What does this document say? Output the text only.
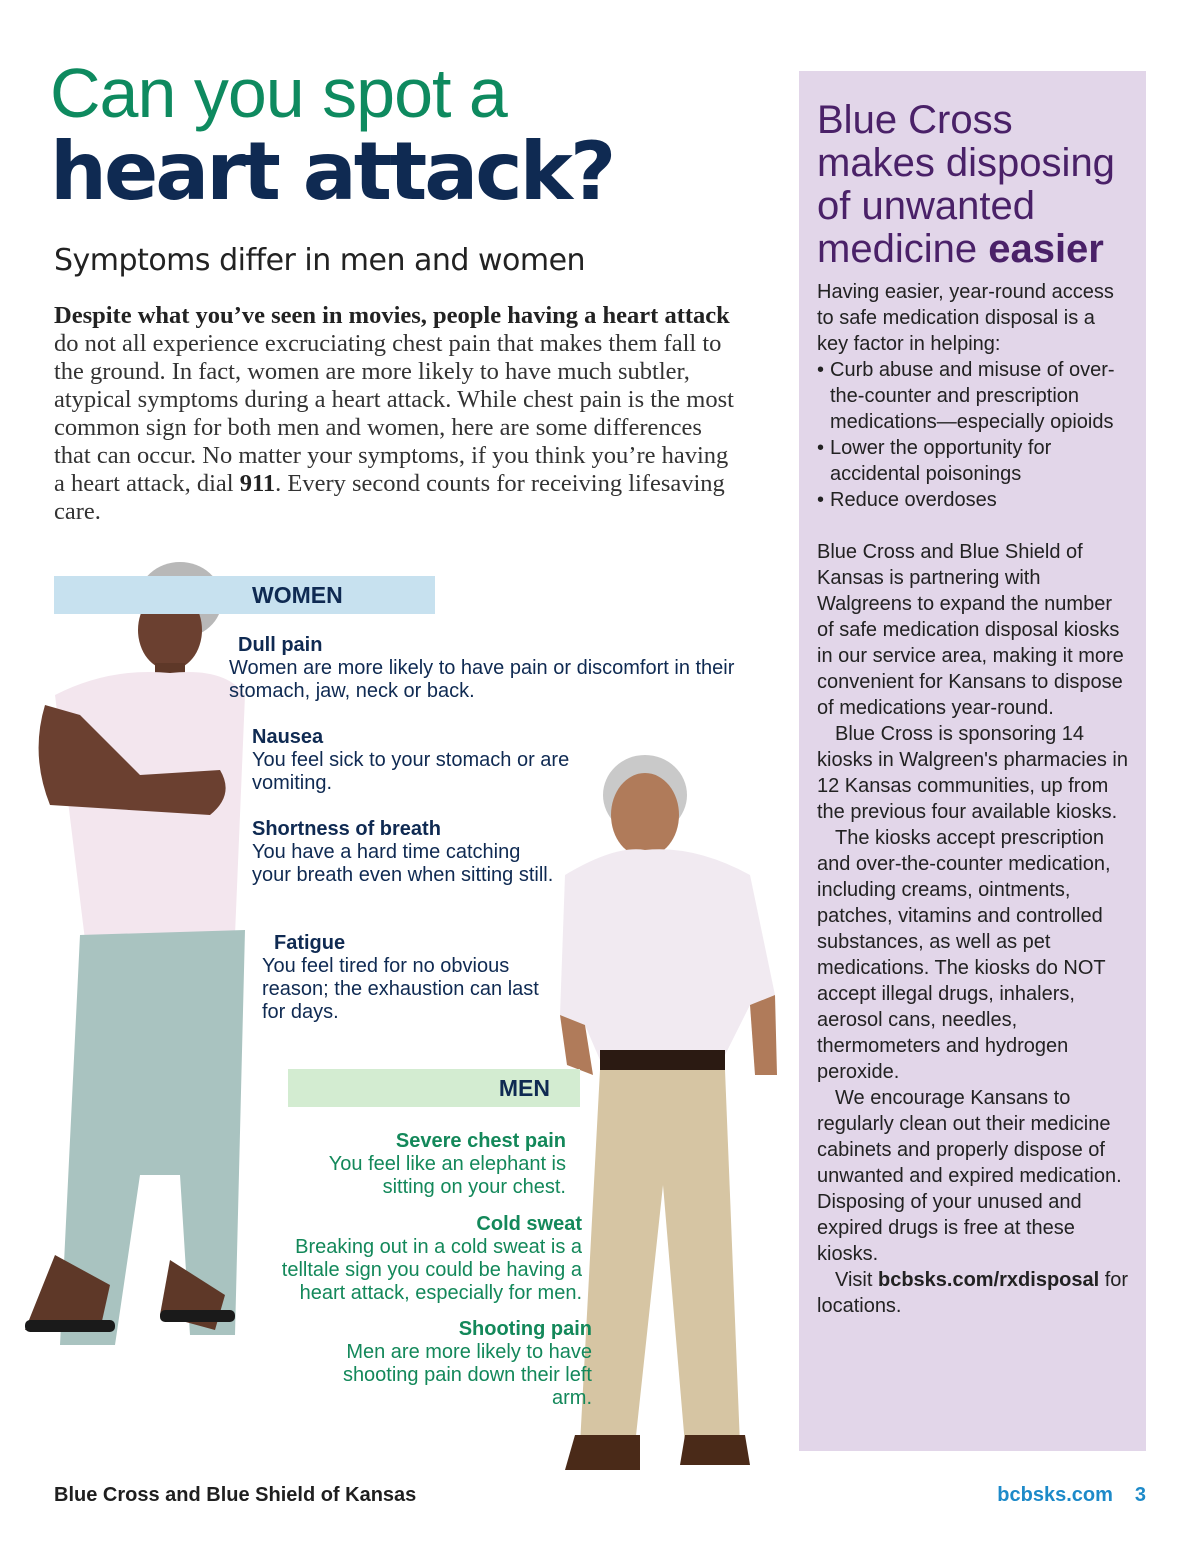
Can you spot a
heart attack?
Symptoms differ in men and women
Despite what you’ve seen in movies, people having a heart attack do not all experience excruciating chest pain that makes them fall to the ground. In fact, women are more likely to have much subtler, atypical symptoms during a heart attack. While chest pain is the most common sign for both men and women, here are some differences that can occur. No matter your symptoms, if you think you’re having a heart attack, dial 911. Every second counts for receiving lifesaving care.
WOMEN
Dull pain
Women are more likely to have pain or discomfort in their stomach, jaw, neck or back.
Nausea
You feel sick to your stomach or are vomiting.
Shortness of breath
You have a hard time catching your breath even when sitting still.
Fatigue
You feel tired for no obvious reason; the exhaustion can last for days.
MEN
Severe chest pain
You feel like an elephant is sitting on your chest.
Cold sweat
Breaking out in a cold sweat is a telltale sign you could be having a heart attack, especially for men.
Shooting pain
Men are more likely to have shooting pain down their left arm.
Blue Cross makes disposing of unwanted medicine easier

Having easier, year-round access to safe medication disposal is a key factor in helping:

• Curb abuse and misuse of over-the-counter and prescription medications—especially opioids
• Lower the opportunity for accidental poisonings
• Reduce overdoses

Blue Cross and Blue Shield of Kansas is partnering with Walgreens to expand the number of safe medication disposal kiosks in our service area, making it more convenient for Kansans to dispose of medications year-round.

Blue Cross is sponsoring 14 kiosks in Walgreen's pharmacies in 12 Kansas communities, up from the previous four available kiosks.

The kiosks accept prescription and over-the-counter medication, including creams, ointments, patches, vitamins and controlled substances, as well as pet medications. The kiosks do NOT accept illegal drugs, inhalers, aerosol cans, needles, thermometers and hydrogen peroxide.

We encourage Kansans to regularly clean out their medicine cabinets and properly dispose of unwanted and expired medication. Disposing of your unused and expired drugs is free at these kiosks.

Visit bcbsks.com/rxdisposal for locations.

Blue Cross and Blue Shield of Kansas	bcbsks.com 3
